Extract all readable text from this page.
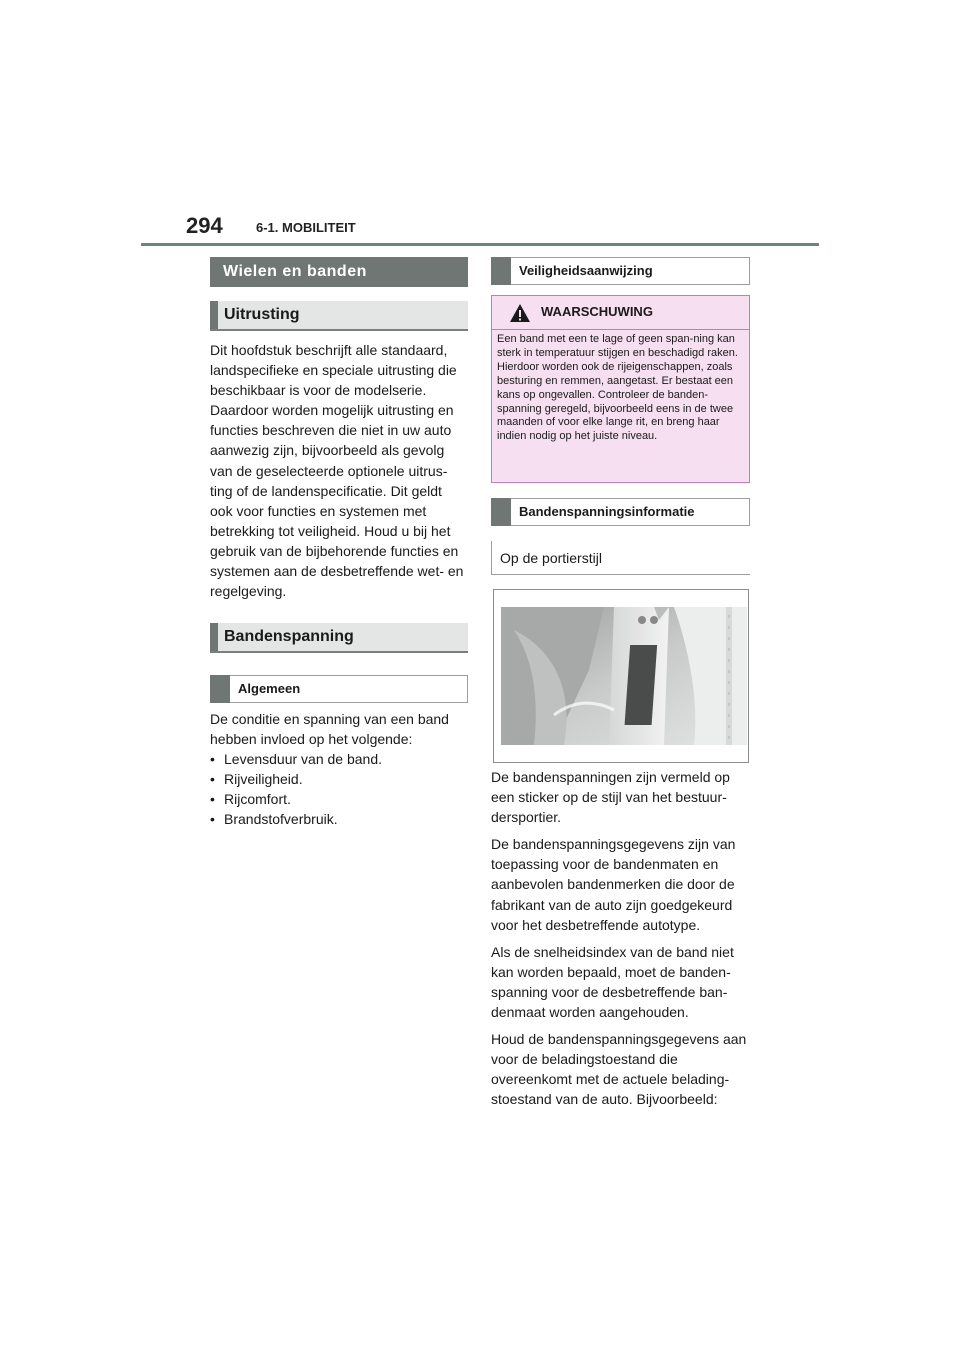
294	6-1. MOBILITEIT
Wielen en banden
Uitrusting

Dit hoofdstuk beschrijft alle standaard, landspecifieke en speciale uitrusting die beschikbaar is voor de modelserie. Daardoor worden mogelijk uitrusting en functies beschreven die niet in uw auto aanwezig zijn, bijvoorbeeld als gevolg van de geselecteerde optionele uitrus-ting of de landenspecificatie. Dit geldt ook voor functies en systemen met betrekking tot veiligheid. Houd u bij het gebruik van de bijbehorende functies en systemen aan de desbetreffende wet- en regelgeving.

Bandenspanning
Algemeen

De conditie en spanning van een band hebben invloed op het volgende:

• Levensduur van de band.
• Rijveiligheid.
• Rijcomfort.
• Brandstofverbruik.
Veiligheidsaanwijzing
WAARSCHUWING
Een band met een te lage of geen span-ning kan sterk in temperatuur stijgen en beschadigd raken. Hierdoor worden ook de rijeigenschappen, zoals besturing en remmen, aangetast. Er bestaat een kans op ongevallen. Controleer de banden-spanning geregeld, bijvoorbeeld eens in de twee maanden of voor elke lange rit, en breng haar indien nodig op het juiste niveau.
Bandenspanningsinformatie
Op de portierstijl

De bandenspanningen zijn vermeld op een sticker op de stijl van het bestuur-dersportier.

De bandenspanningsgegevens zijn van toepassing voor de bandenmaten en aanbevolen bandenmerken die door de fabrikant van de auto zijn goedgekeurd voor het desbetreffende autotype.

Als de snelheidsindex van de band niet kan worden bepaald, moet de banden-spanning voor de desbetreffende ban-denmaat worden aangehouden.

Houd de bandenspanningsgegevens aan voor de beladingstoestand die overeenkomt met de actuele belading-stoestand van de auto. Bijvoorbeeld:
